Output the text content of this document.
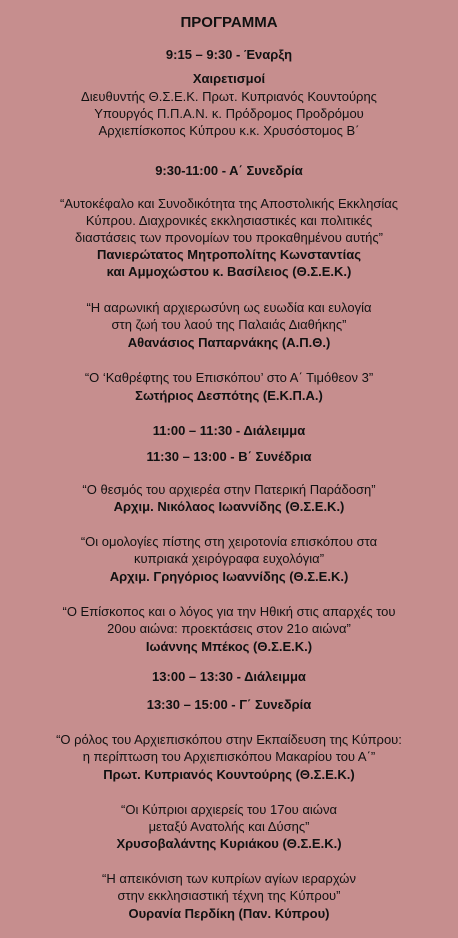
ΠΡΟΓΡΑΜΜΑ
9:15 – 9:30 - Έναρξη
Χαιρετισμοί
Διευθυντής Θ.Σ.Ε.Κ. Πρωτ. Κυπριανός Κουντούρης
Υπουργός Π.Π.Α.Ν. κ. Πρόδρομος Προδρόμου
Αρχιεπίσκοπος Κύπρου κ.κ. Χρυσόστομος Β΄
9:30-11:00 - Α΄ Συνεδρία
“Αυτοκέφαλο και Συνοδικότητα της Αποστολικής Εκκλησίας
Κύπρου. Διαχρονικές εκκλησιαστικές και πολιτικές
διαστάσεις των προνομίων του προκαθημένου αυτής”
Πανιερώτατος Μητροπολίτης Κωνσταντίας
και Αμμοχώστου κ. Βασίλειος (Θ.Σ.Ε.Κ.)
“Η ααρωνική αρχιερωσύνη ως ευωδία και ευλογία
στη ζωή του λαού της Παλαιάς Διαθήκης”
Αθανάσιος Παπαρνάκης (Α.Π.Θ.)
“Ο ‘Καθρέφτης του Επισκόπου’ στο Α΄ Τιμόθεον 3”
Σωτήριος Δεσπότης (Ε.Κ.Π.Α.)
11:00 – 11:30 - Διάλειμμα
11:30 – 13:00 - Β΄ Συνέδρια
“Ο θεσμός του αρχιερέα στην Πατερική Παράδοση”
Αρχιμ. Νικόλαος Ιωαννίδης (Θ.Σ.Ε.Κ.)
“Οι ομολογίες πίστης στη χειροτονία επισκόπου στα
κυπριακά χειρόγραφα ευχολόγια”
Αρχιμ. Γρηγόριος Ιωαννίδης (Θ.Σ.Ε.Κ.)
“Ο Επίσκοπος και ο λόγος για την Ηθική στις απαρχές του
20ου αιώνα: προεκτάσεις στον 21ο αιώνα”
Ιωάννης Μπέκος (Θ.Σ.Ε.Κ.)
13:00 – 13:30 - Διάλειμμα
13:30 – 15:00 - Γ΄ Συνεδρία
“Ο ρόλος του Αρχιεπισκόπου στην Εκπαίδευση της Κύπρου:
η περίπτωση του Αρχιεπισκόπου Μακαρίου του Α΄”
Πρωτ. Κυπριανός Κουντούρης (Θ.Σ.Ε.Κ.)
“Οι Κύπριοι αρχιερείς του 17ου αιώνα
μεταξύ Ανατολής και Δύσης”
Χρυσοβαλάντης Κυριάκου (Θ.Σ.Ε.Κ.)
“Η απεικόνιση των κυπρίων αγίων ιεραρχών
στην εκκλησιαστική τέχνη της Κύπρου”
Ουρανία Περδίκη (Παν. Κύπρου)
